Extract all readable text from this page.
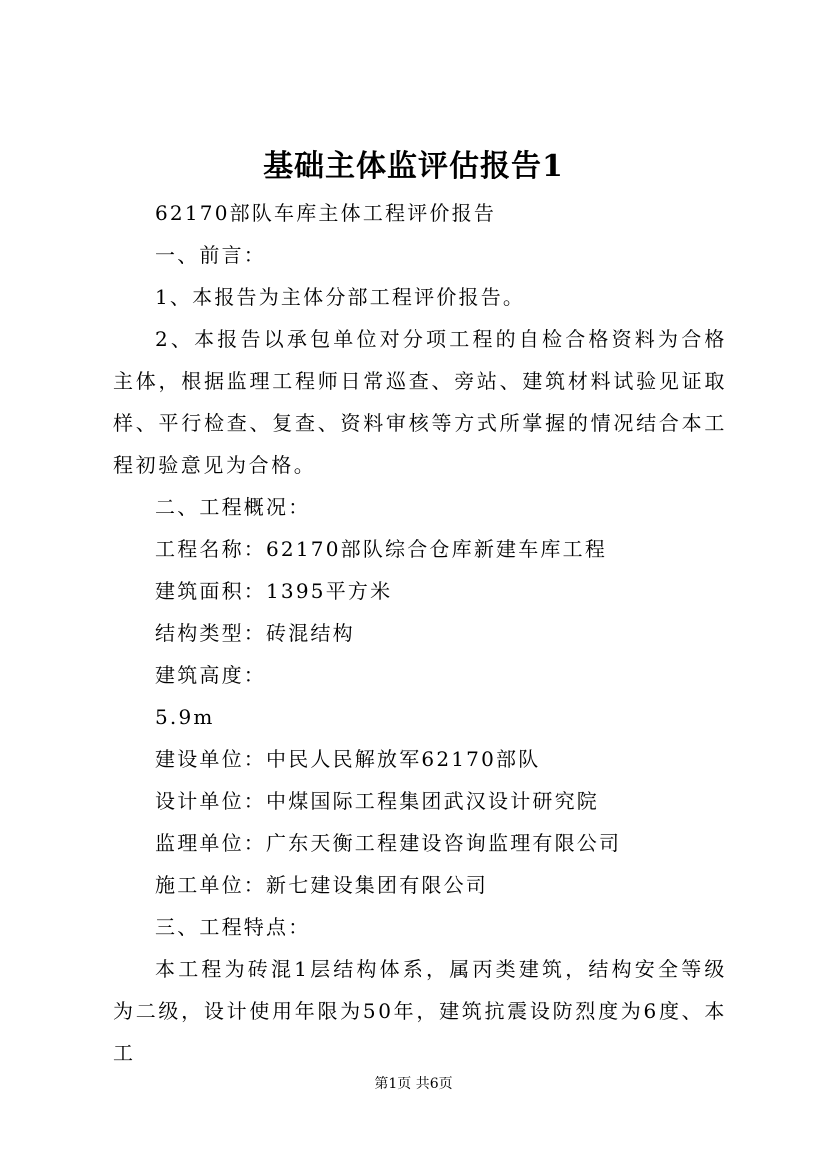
基础主体监评估报告1

62170部队车库主体工程评价报告

一、前言：

1、本报告为主体分部工程评价报告。

2、本报告以承包单位对分项工程的自检合格资料为合格主体，根据监理工程师日常巡查、旁站、建筑材料试验见证取样、平行检查、复查、资料审核等方式所掌握的情况结合本工程初验意见为合格。

二、工程概况：

工程名称：62170部队综合仓库新建车库工程

建筑面积：1395平方米

结构类型：砖混结构

建筑高度：

5.9m

建设单位：中民人民解放军62170部队

设计单位：中煤国际工程集团武汉设计研究院

监理单位：广东天衡工程建设咨询监理有限公司

施工单位：新七建设集团有限公司

三、工程特点：

本工程为砖混1层结构体系，属丙类建筑，结构安全等级为二级，设计使用年限为50年，建筑抗震设防烈度为6度、本工

第1页 共6页
